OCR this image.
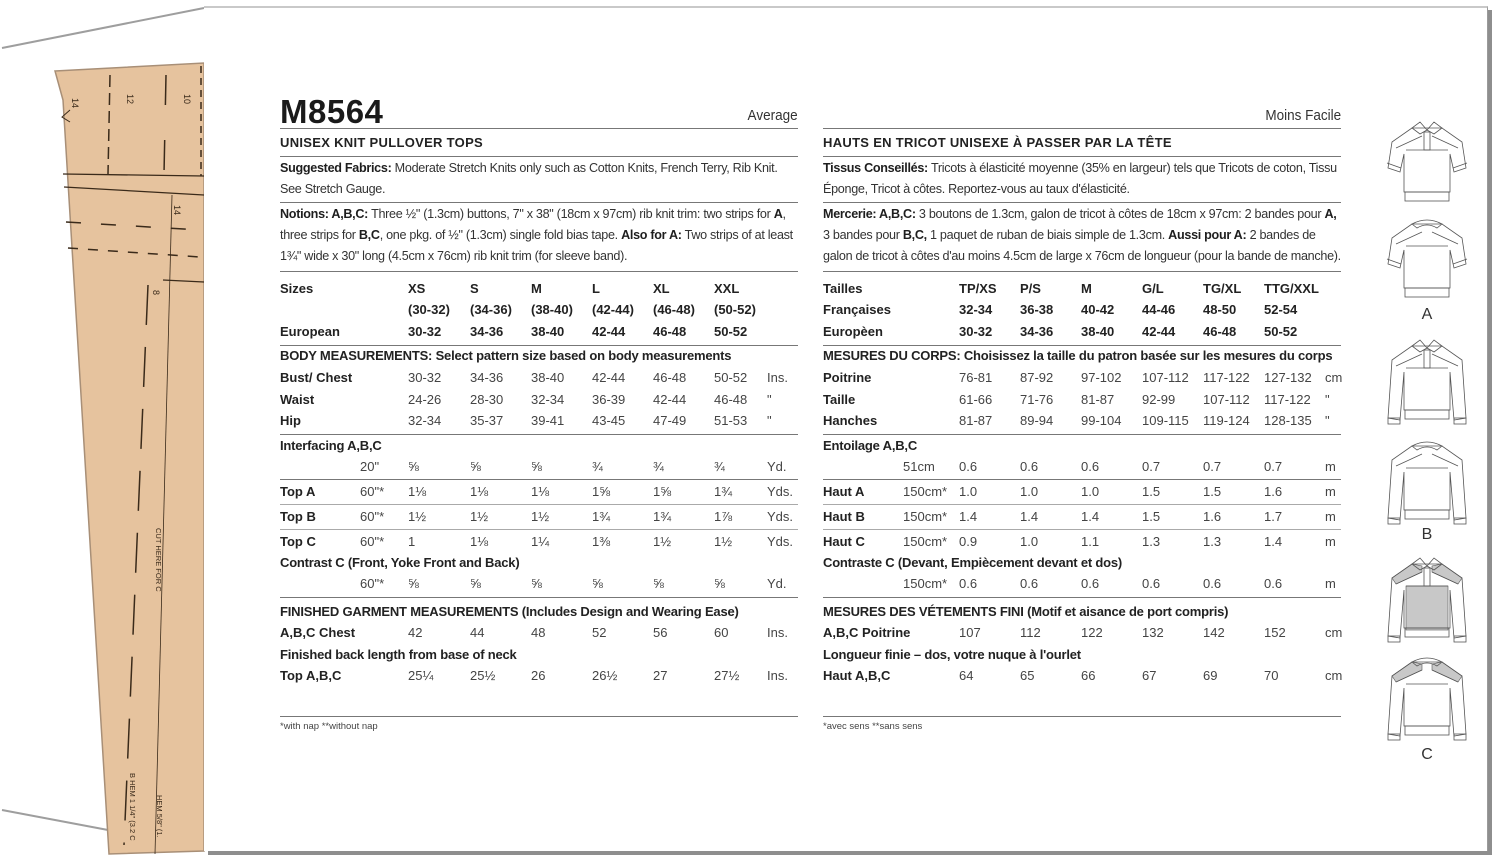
14	12	10
14
8
CUT HERE FOR C
B HEM 1 1/4" (3.2 C HEM 5/8" (1.
M8564	Average
UNISEX KNIT PULLOVER TOPS
Suggested Fabrics: Moderate Stretch Knits only such as Cotton Knits, French Terry, Rib Knit. See Stretch Gauge.
Notions: A,B,C: Three ½" (1.3cm) buttons, 7" x 38" (18cm x 97cm) rib knit trim: two strips for A, three strips for B,C, one pkg. of ½" (1.3cm) single fold bias tape. Also for A: Two strips of at least 1¾" wide x 30" long (4.5cm x 76cm) rib knit trim (for sleeve band).
Sizes	XS	S	M	L	XL	XXL
(30-32) (34-36) (38-40) (42-44) (46-48) (50-52)
European	30-32 34-36 38-40 42-44 46-48 50-52
BODY MEASUREMENTS: Select pattern size based on body measurements
Bust/ Chest	30-32 34-36 38-40 42-44 46-48 50-52 Ins.
Waist	24-26 28-30 32-34 36-39 42-44 46-48 "
Hip	32-34 35-37 39-41 43-45 47-49 51-53 "
Interfacing A,B,C
20" ⅝	⅝	⅝	¾	¾	¾	Yd.
Top A	60"* 1⅛	1⅛	1⅛	1⅝	1⅝	1¾	Yds.
Top B	60"* 1½	1½	1½	1¾	1¾	1⅞	Yds.
Top C	60"* 1	1⅛	1¼	1⅜	1½	1½	Yds.
Contrast C (Front, Yoke Front and Back)
60"* ⅝	⅝	⅝	⅝	⅝	⅝	Yd.
FINISHED GARMENT MEASUREMENTS (Includes Design and Wearing Ease)
A,B,C Chest	42	44	48	52	56	60	Ins.
Finished back length from base of neck
Top A,B,C	25¼	25½	26	26½	27	27½ Ins.
*with nap **without nap
Moins Facile
HAUTS EN TRICOT UNISEXE À PASSER PAR LA TÊTE
Tissus Conseillés: Tricots à élasticité moyenne (35% en largeur) tels que Tricots de coton, Tissu Éponge, Tricot à côtes. Reportez-vous au taux d'élasticité.
Mercerie: A,B,C: 3 boutons de 1.3cm, galon de tricot à côtes de 18cm x 97cm: 2 bandes pour A, 3 bandes pour B,C, 1 paquet de ruban de biais simple de 1.3cm. Aussi pour A: 2 bandes de galon de tricot à côtes d'au moins 4.5cm de large x 76cm de longueur (pour la bande de manche).
Tailles	TP/XS P/S	M	G/L	TG/XL TTG/XXL
Françaises	32-34 36-38 40-42 44-46 48-50 52-54
Europèen	30-32 34-36 38-40 42-44 46-48 50-52
MESURES DU CORPS: Choisissez la taille du patron basée sur les mesures du corps
Poitrine	76-81 87-92 97-102 107-112 117-122 127-132 cm
Taille	61-66 71-76 81-87 92-99 107-112 117-122 "
Hanches	81-87 89-94 99-104 109-115 119-124 128-135 "
Entoilage A,B,C
51cm 0.6	0.6	0.6	0.7	0.7	0.7	m
Haut A	150cm* 1.0	1.0	1.0	1.5	1.5	1.6	m
Haut B	150cm* 1.4	1.4	1.4	1.5	1.6	1.7	m
Haut C	150cm* 0.9	1.0	1.1	1.3	1.3	1.4	m
Contraste C (Devant, Empiècement devant et dos)
150cm* 0.6	0.6	0.6	0.6	0.6	0.6	m
MESURES DES VÉTEMENTS FINI (Motif et aisance de port compris)
A,B,C Poitrine	107	112	122	132	142	152	cm
Longueur finie – dos, votre nuque à l'ourlet
Haut A,B,C	64	65	66	67	69	70	cm
*avec sens **sans sens
A
B
C
